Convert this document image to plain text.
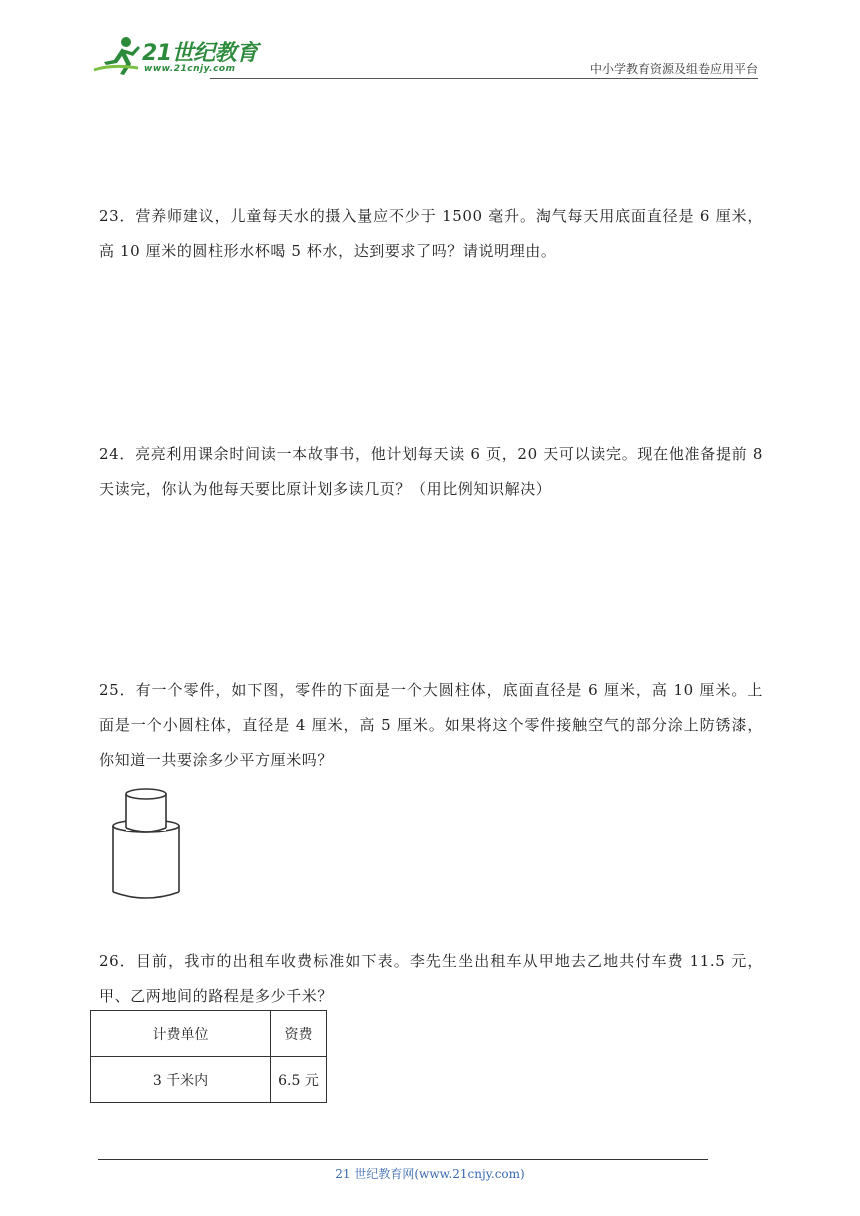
21世纪教育
www.21cnjy.com	中小学教育资源及组卷应用平台
23．营养师建议，儿童每天水的摄入量应不少于 1500 毫升。淘气每天用底面直径是 6 厘米，高 10 厘米的圆柱形水杯喝 5 杯水，达到要求了吗？请说明理由。
24．亮亮利用课余时间读一本故事书，他计划每天读 6 页，20 天可以读完。现在他准备提前 8 天读完，你认为他每天要比原计划多读几页？（用比例知识解决）
25．有一个零件，如下图，零件的下面是一个大圆柱体，底面直径是 6 厘米，高 10 厘米。上面是一个小圆柱体，直径是 4 厘米，高 5 厘米。如果将这个零件接触空气的部分涂上防锈漆，你知道一共要涂多少平方厘米吗？
26．目前，我市的出租车收费标准如下表。李先生坐出租车从甲地去乙地共付车费 11.5 元，甲、乙两地间的路程是多少千米？
计费单位	资费
3 千米内	6.5 元
21 世纪教育网(www.21cnjy.com)
